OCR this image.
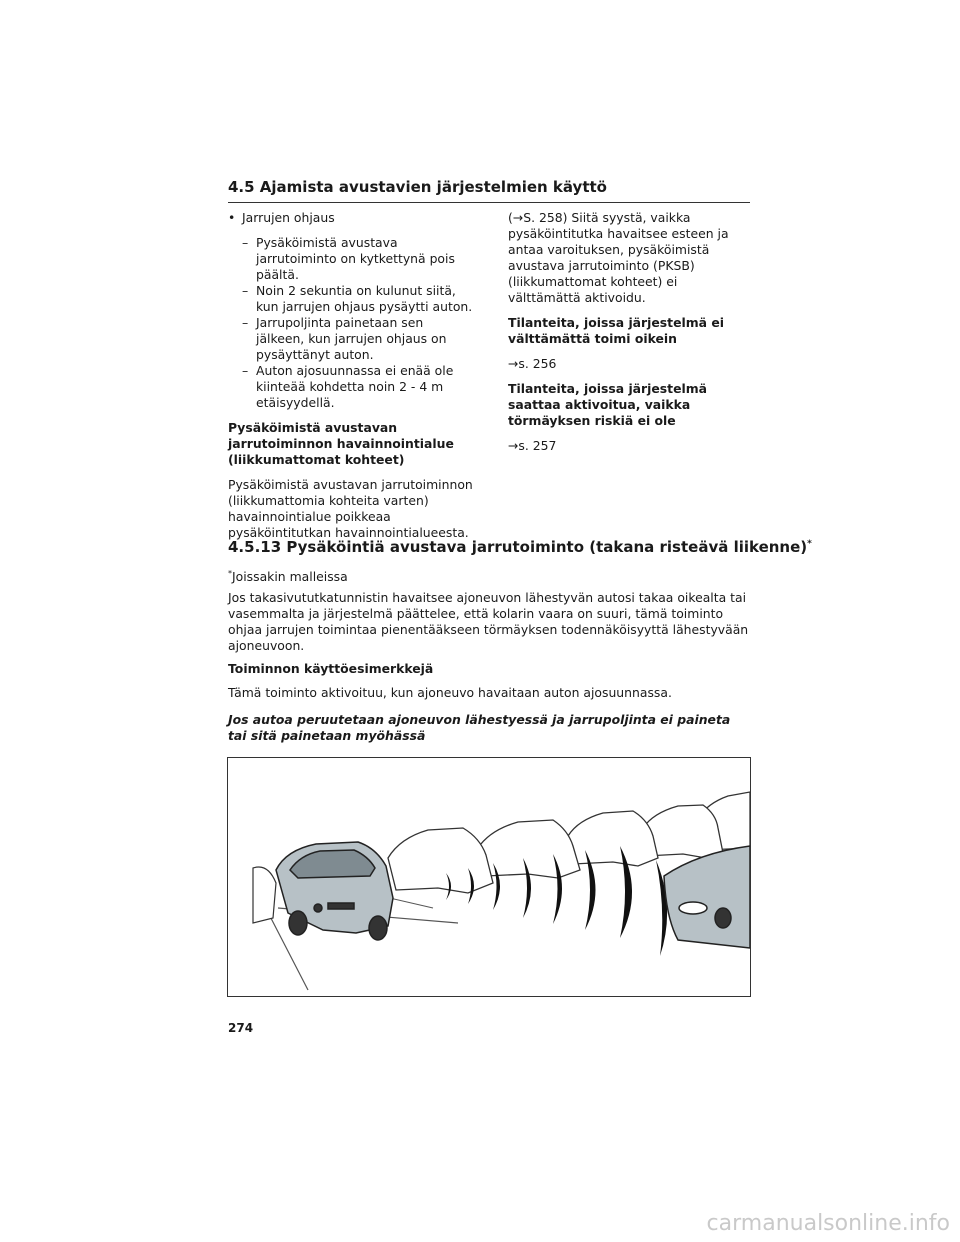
4.5 Ajamista avustavien järjestelmien käyttö

• Jarrujen ohjaus

– Pysäköimistä avustava jarrutoiminto on kytkettynä pois päältä.
– Noin 2 sekuntia on kulunut siitä, kun jarrujen ohjaus pysäytti auton.
– Jarrupoljinta painetaan sen jälkeen, kun jarrujen ohjaus on pysäyttänyt auton.
– Auton ajosuunnassa ei enää ole kiinteää kohdetta noin 2 - 4 m etäisyydellä.

Pysäköimistä avustavan jarrutoiminnon havainnointialue (liikkumattomat kohteet)

Pysäköimistä avustavan jarrutoiminnon (liikkumattomia kohteita varten) havainnointialue poikkeaa pysäköintitutkan havainnointialueesta.

(→S. 258) Siitä syystä, vaikka pysäköintitutka havaitsee esteen ja antaa varoituksen, pysäköimistä avustava jarrutoiminto (PKSB) (liikkumattomat kohteet) ei välttämättä aktivoidu.

Tilanteita, joissa järjestelmä ei välttämättä toimi oikein

→s. 256

Tilanteita, joissa järjestelmä saattaa aktivoitua, vaikka törmäyksen riskiä ei ole

→s. 257

4.5.13 Pysäköintiä avustava jarrutoiminto (takana risteävä liikenne)*
*Joissakin malleissa
Jos takasivututkatunnistin havaitsee ajoneuvon lähestyvän autosi takaa oikealta tai vasemmalta ja järjestelmä päättelee, että kolarin vaara on suuri, tämä toiminto ohjaa jarrujen toimintaa pienentääkseen törmäyksen todennäköisyyttä lähestyvään ajoneuvoon.
Toiminnon käyttöesimerkkejä
Tämä toiminto aktivoituu, kun ajoneuvo havaitaan auton ajosuunnassa.
Jos autoa peruutetaan ajoneuvon lähestyessä ja jarrupoljinta ei paineta tai sitä painetaan myöhässä
274
carmanualsonline.info
